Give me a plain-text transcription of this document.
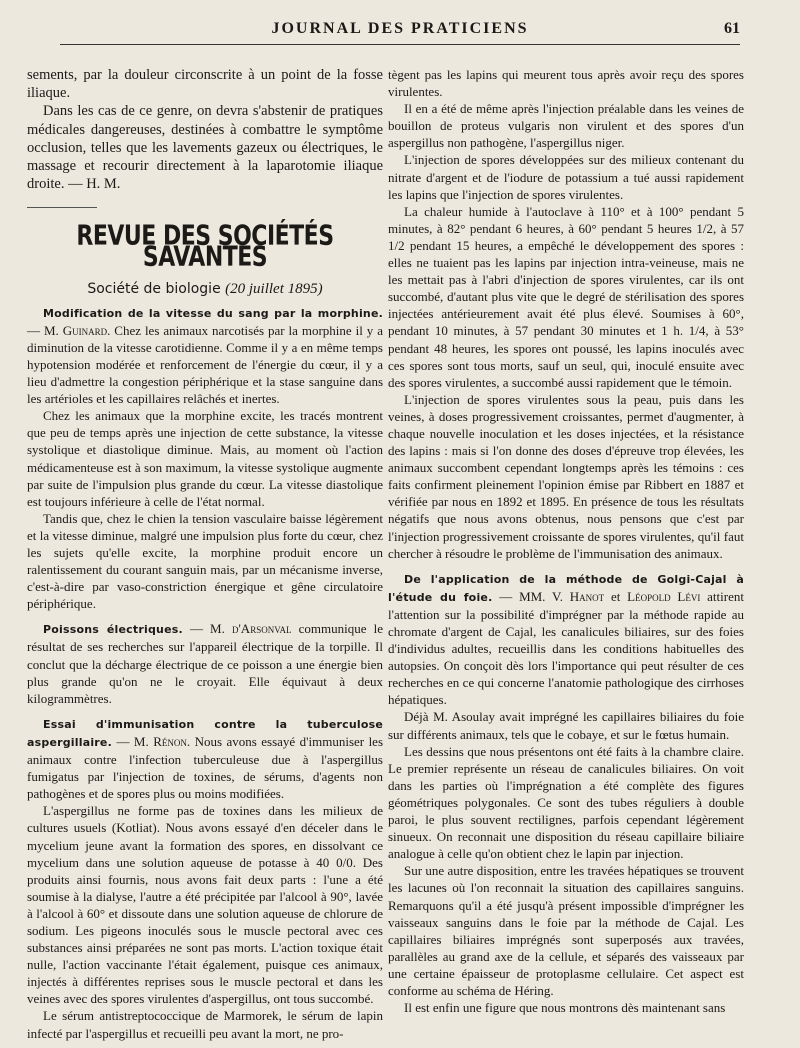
JOURNAL DES PRATICIENS	61

sements, par la douleur circonscrite à un point de la fosse iliaque.

Dans les cas de ce genre, on devra s'abstenir de pratiques médicales dangereuses, destinées à combattre le symptôme occlusion, telles que les lavements gazeux ou électriques, le massage et recourir directement à la laparotomie iliaque droite. — H. M.

REVUE DES SOCIÉTÉS SAVANTES
Société de biologie (20 juillet 1895)

Modification de la vitesse du sang par la morphine. — M. Guinard. Chez les animaux narcotisés par la morphine il y a diminution de la vitesse carotidienne. Comme il y a en même temps hypotension modérée et renforcement de l'énergie du cœur, il y a lieu d'admettre la congestion périphérique et la stase sanguine dans les artérioles et les capillaires relâchés et inertes.

Chez les animaux que la morphine excite, les tracés montrent que peu de temps après une injection de cette substance, la vitesse systolique et diastolique diminue. Mais, au moment où l'action médicamenteuse est à son maximum, la vitesse systolique augmente par suite de l'impulsion plus grande du cœur. La vitesse diastolique est toujours inférieure à celle de l'état normal.

Tandis que, chez le chien la tension vasculaire baisse légèrement et la vitesse diminue, malgré une impulsion plus forte du cœur, chez les sujets qu'elle excite, la morphine produit encore un ralentissement du courant sanguin mais, par un mécanisme inverse, c'est-à-dire par vaso-constriction énergique et gêne circulatoire périphérique.

Poissons électriques. — M. d'Arsonval communique le résultat de ses recherches sur l'appareil électrique de la torpille. Il conclut que la décharge électrique de ce poisson a une énergie bien plus grande qu'on ne le croyait. Elle équivaut à deux kilogrammètres.

Essai d'immunisation contre la tuberculose aspergillaire. — M. Rénon. Nous avons essayé d'immuniser les animaux contre l'infection tuberculeuse due à l'aspergillus fumigatus par l'injection de toxines, de sérums, d'agents non pathogènes et de spores plus ou moins modifiées.

L'aspergillus ne forme pas de toxines dans les milieux de cultures usuels (Kotliat). Nous avons essayé d'en déceler dans le mycelium jeune avant la formation des spores, en dissolvant ce mycelium dans une solution aqueuse de potasse à 40 0/0. Des produits ainsi fournis, nous avons fait deux parts : l'une a été soumise à la dialyse, l'autre a été précipitée par l'alcool à 90°, lavée à l'alcool à 60° et dissoute dans une solution aqueuse de chlorure de sodium. Les pigeons inoculés sous le muscle pectoral avec ces substances ainsi préparées ne sont pas morts. L'action toxique était nulle, l'action vaccinante l'était également, puisque ces animaux, injectés à différentes reprises sous le muscle pectoral et dans les veines avec des spores virulentes d'aspergillus, ont tous succombé.

Le sérum antistreptococcique de Marmorek, le sérum de lapin infecté par l'aspergillus et recueilli peu avant la mort, ne pro-

tègent pas les lapins qui meurent tous après avoir reçu des spores virulentes.

Il en a été de même après l'injection préalable dans les veines de bouillon de proteus vulgaris non virulent et des spores d'un aspergillus non pathogène, l'aspergillus niger.

L'injection de spores développées sur des milieux contenant du nitrate d'argent et de l'iodure de potassium a tué aussi rapidement les lapins que l'injection de spores virulentes.

La chaleur humide à l'autoclave à 110° et à 100° pendant 5 minutes, à 82° pendant 6 heures, à 60° pendant 5 heures 1/2, à 57 1/2 pendant 15 heures, a empêché le développement des spores : elles ne tuaient pas les lapins par injection intra-veineuse, mais ne les mettait pas à l'abri d'injection de spores virulentes, car ils ont succombé, d'autant plus vite que le degré de stérilisation des spores injectées antérieurement avait été plus élevé. Soumises à 60°, pendant 10 minutes, à 57 pendant 30 minutes et 1 h. 1/4, à 53° pendant 48 heures, les spores ont poussé, les lapins inoculés avec ces spores sont tous morts, sauf un seul, qui, inoculé ensuite avec des spores virulentes, a succombé aussi rapidement que le témoin.

L'injection de spores virulentes sous la peau, puis dans les veines, à doses progressivement croissantes, permet d'augmenter, à chaque nouvelle inoculation et les doses injectées, et la résistance des lapins : mais si l'on donne des doses d'épreuve trop élevées, les animaux succombent cependant longtemps après les témoins : ces faits confirment pleinement l'opinion émise par Ribbert en 1887 et vérifiée par nous en 1892 et 1895. En présence de tous les résultats négatifs que nous avons obtenus, nous pensons que c'est par l'injection progressivement croissante de spores virulentes, qu'il faut chercher à résoudre le problème de l'immunisation des animaux.

De l'application de la méthode de Golgi-Cajal à l'étude du foie. — MM. V. Hanot et Léopold Lévi attirent l'attention sur la possibilité d'imprégner par la méthode rapide au chromate d'argent de Cajal, les canalicules biliaires, sur des foies d'individus adultes, recueillis dans les conditions habituelles des autopsies. On conçoit dès lors l'importance qui peut résulter de ces recherches en ce qui concerne l'anatomie pathologique des cirrhoses hépatiques.

Déjà M. Asoulay avait imprégné les capillaires biliaires du foie sur différents animaux, tels que le cobaye, et sur le fœtus humain.

Les dessins que nous présentons ont été faits à la chambre claire. Le premier représente un réseau de canalicules biliaires. On voit dans les parties où l'imprégnation a été complète des figures géométriques polygonales. Ce sont des tubes réguliers à double paroi, le plus souvent rectilignes, parfois cependant légèrement sinueux. On reconnait une disposition du réseau capillaire biliaire analogue à celle qu'on obtient chez le lapin par injection.

Sur une autre disposition, entre les travées hépatiques se trouvent les lacunes où l'on reconnait la situation des capillaires sanguins. Remarquons qu'il a été jusqu'à présent impossible d'imprégner les vaisseaux sanguins dans le foie par la méthode de Cajal. Les capillaires biliaires imprégnés sont superposés aux travées, parallèles au grand axe de la cellule, et séparés des vaisseaux par une certaine épaisseur de protoplasme cellulaire. Cet aspect est conforme au schéma de Héring.

Il est enfin une figure que nous montrons dès maintenant sans
